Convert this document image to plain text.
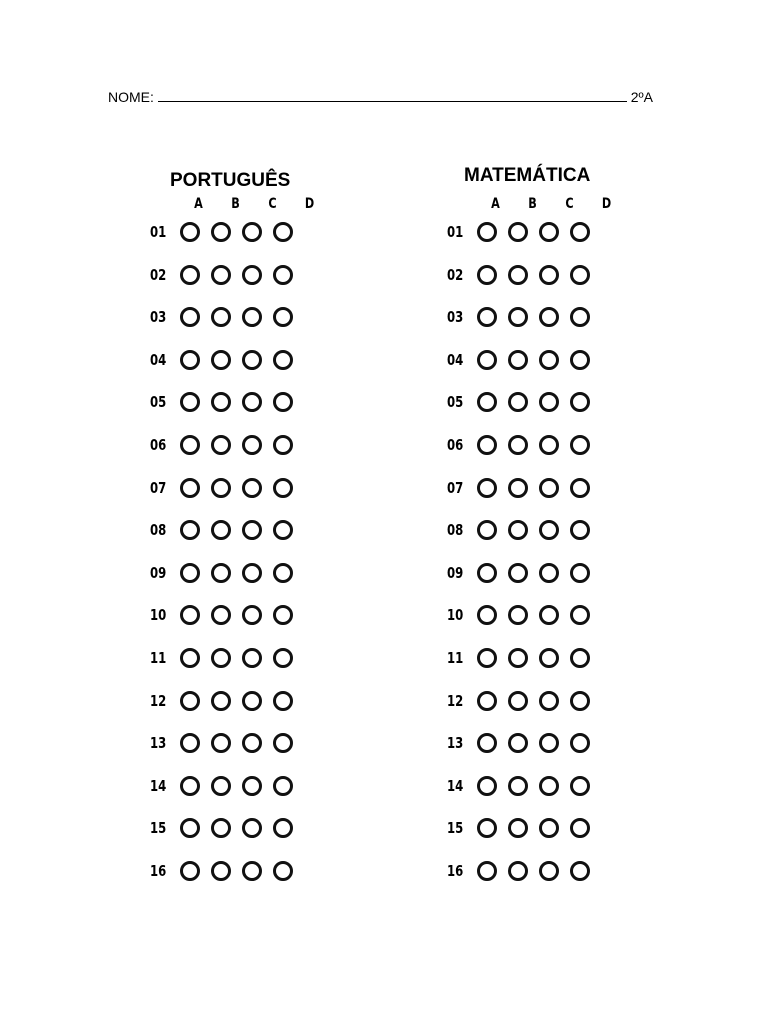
NOME:	2ºA
PORTUGUÊS
A	B	C	D
01
02
03
04
05
06
07
08
09
10
11
12
13
14
15
16
MATEMÁTICA
A	B	C	D
01
02
03
04
05
06
07
08
09
10
11
12
13
14
15
16
